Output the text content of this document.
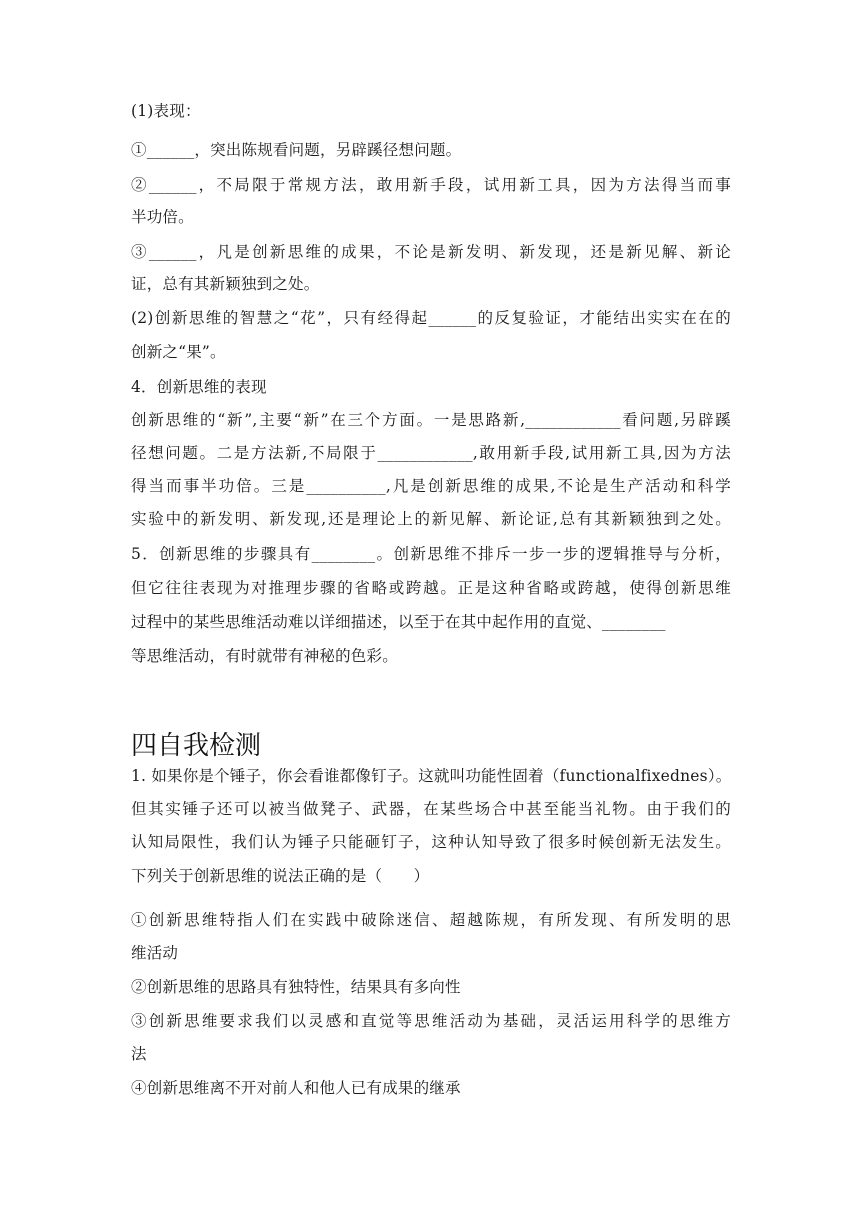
(1)表现：
①______，突出陈规看问题，另辟蹊径想问题。
②______，不局限于常规方法，敢用新手段，试用新工具，因为方法得当而事
半功倍。
③______，凡是创新思维的成果，不论是新发明、新发现，还是新见解、新论
证，总有其新颖独到之处。
(2)创新思维的智慧之“花”，只有经得起______的反复验证，才能结出实实在在的
创新之“果”。
4．创新思维的表现
创新思维的“新”,主要“新”在三个方面。一是思路新,____________看问题,另辟蹊
径想问题。二是方法新,不局限于____________,敢用新手段,试用新工具,因为方法
得当而事半功倍。三是__________,凡是创新思维的成果,不论是生产活动和科学
实验中的新发明、新发现,还是理论上的新见解、新论证,总有其新颖独到之处。
5．创新思维的步骤具有________。创新思维不排斥一步一步的逻辑推导与分析，
但它往往表现为对推理步骤的省略或跨越。正是这种省略或跨越，使得创新思维
过程中的某些思维活动难以详细描述，以至于在其中起作用的直觉、________
等思维活动，有时就带有神秘的色彩。
四自我检测
1. 如果你是个锤子，你会看谁都像钉子。这就叫功能性固着（functionalfixednes）。
但其实锤子还可以被当做凳子、武器，在某些场合中甚至能当礼物。由于我们的
认知局限性，我们认为锤子只能砸钉子，这种认知导致了很多时候创新无法发生。
下列关于创新思维的说法正确的是（　　）
①创新思维特指人们在实践中破除迷信、超越陈规，有所发现、有所发明的思
维活动
②创新思维的思路具有独特性，结果具有多向性
③创新思维要求我们以灵感和直觉等思维活动为基础，灵活运用科学的思维方
法
④创新思维离不开对前人和他人已有成果的继承
